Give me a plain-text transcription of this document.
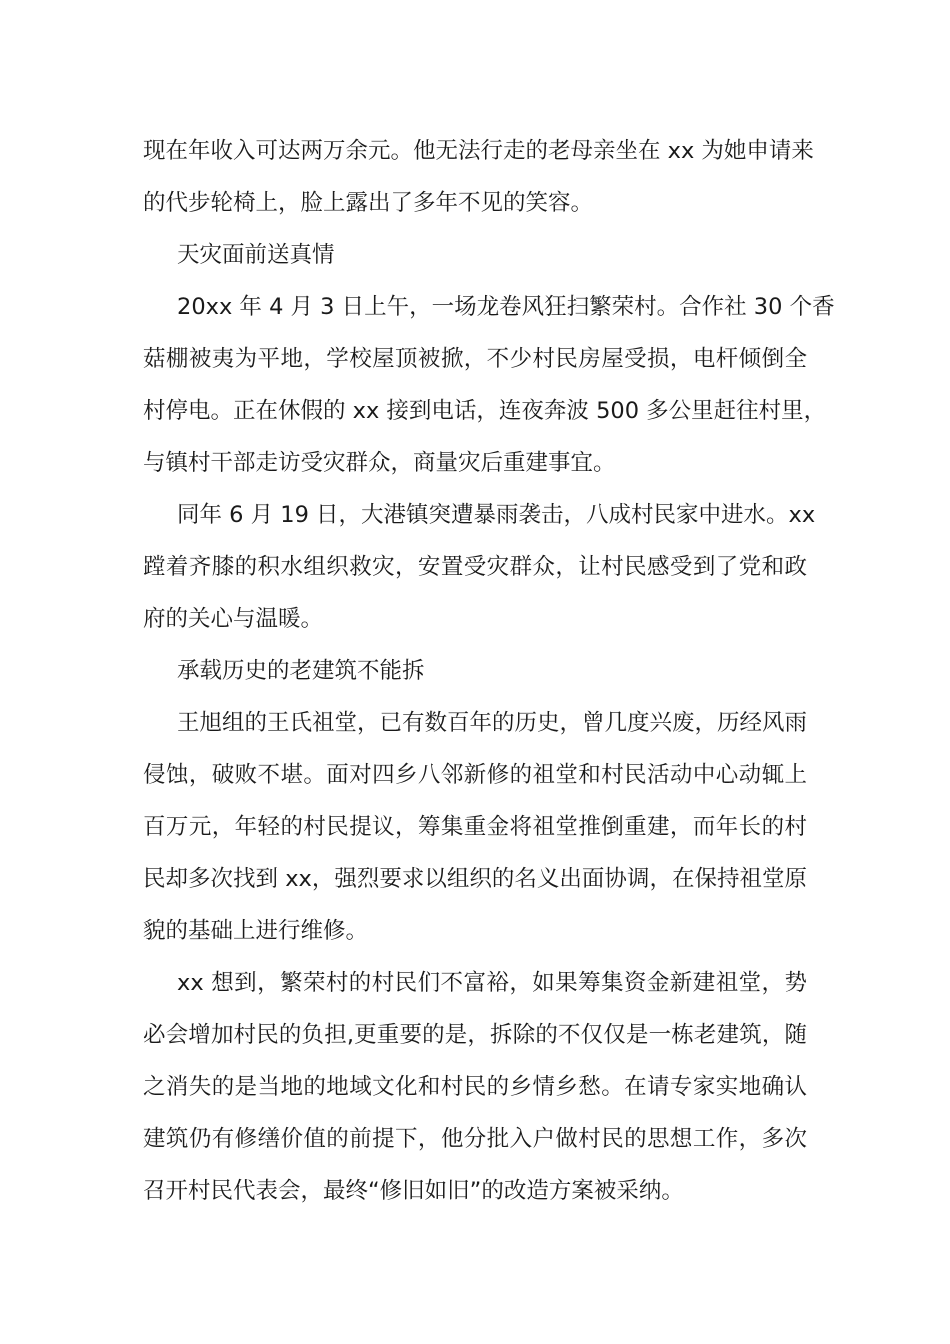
现在年收入可达两万余元。他无法行走的老母亲坐在 xx 为她申请来
的代步轮椅上，脸上露出了多年不见的笑容。
天灾面前送真情
20xx 年 4 月 3 日上午，一场龙卷风狂扫繁荣村。合作社 30 个香
菇棚被夷为平地，学校屋顶被掀，不少村民房屋受损，电杆倾倒全
村停电。正在休假的 xx 接到电话，连夜奔波 500 多公里赶往村里，
与镇村干部走访受灾群众，商量灾后重建事宜。
同年 6 月 19 日，大港镇突遭暴雨袭击，八成村民家中进水。xx
蹚着齐膝的积水组织救灾，安置受灾群众，让村民感受到了党和政
府的关心与温暖。
承载历史的老建筑不能拆
王旭组的王氏祖堂，已有数百年的历史，曾几度兴废，历经风雨
侵蚀，破败不堪。面对四乡八邻新修的祖堂和村民活动中心动辄上
百万元，年轻的村民提议，筹集重金将祖堂推倒重建，而年长的村
民却多次找到 xx，强烈要求以组织的名义出面协调，在保持祖堂原
貌的基础上进行维修。
xx 想到，繁荣村的村民们不富裕，如果筹集资金新建祖堂，势
必会增加村民的负担,更重要的是，拆除的不仅仅是一栋老建筑，随
之消失的是当地的地域文化和村民的乡情乡愁。在请专家实地确认
建筑仍有修缮价值的前提下，他分批入户做村民的思想工作，多次
召开村民代表会，最终“修旧如旧”的改造方案被采纳。
